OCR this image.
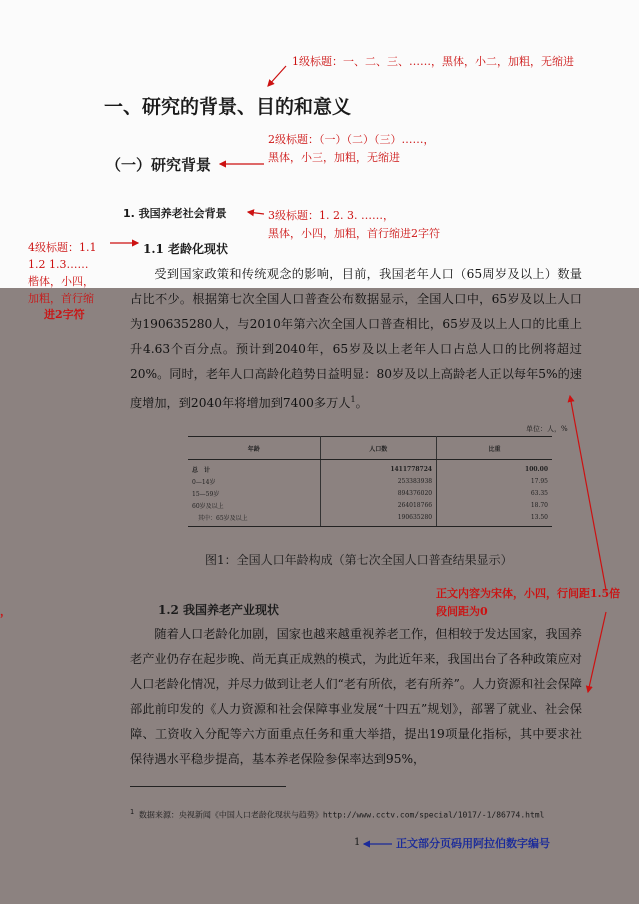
1级标题：一、二、三、……，黑体，小二，加粗，无缩进
2级标题：（一）（二）（三）……，
黑体，小三，加粗，无缩进
3级标题：1. 2. 3. ……，
黑体，小四，加粗，首行缩进2字符
4级标题：1.1
1.2 1.3……
楷体，小四，
加粗，首行缩
进2字符
正文内容为宋体，小四，行间距1.5倍
段间距为0
，
正文部分页码用阿拉伯数字编号
一、研究的背景、目的和意义
（一）研究背景
1. 我国养老社会背景
1.1 老龄化现状

受到国家政策和传统观念的影响，目前，我国老年人口（65周岁及以上）数量占比不少。根据第七次全国人口普查公布数据显示，全国人口中，65岁及以上人口为190635280人，与2010年第六次全国人口普查相比，65岁及以上人口的比重上升4.63个百分点。预计到2040年，65岁及以上老年人口占总人口的比例将超过20%。同时，老年人口高龄化趋势日益明显：80岁及以上高龄老人正以每年5%的速度增加，到2040年将增加到7400多万人$^1$。

单位：人，%
年龄	人口数	比重
总　计	1411778724	100.00
0—14岁	253383938	17.95
15—59岁	894376020	63.35
60岁及以上	264018766	18.70
　其中：65岁及以上	190635280	13.50
图1：全国人口年龄构成（第七次全国人口普查结果显示）
1.2 我国养老产业现状

随着人口老龄化加剧，国家也越来越重视养老工作，但相较于发达国家，我国养老产业仍存在起步晚、尚无真正成熟的模式，为此近年来，我国出台了各种政策应对人口老龄化情况，并尽力做到让老人们“老有所依，老有所养”。人力资源和社会保障部此前印发的《人力资源和社会保障事业发展“十四五”规划》，部署了就业、社会保障、工资收入分配等六方面重点任务和重大举措，提出19项量化指标，其中要求社保待遇水平稳步提高，基本养老保险参保率达到95%，

$^1$ 数据来源：央视新闻《中国人口老龄化现状与趋势》http://www.cctv.com/special/1017/-1/86774.html
1
